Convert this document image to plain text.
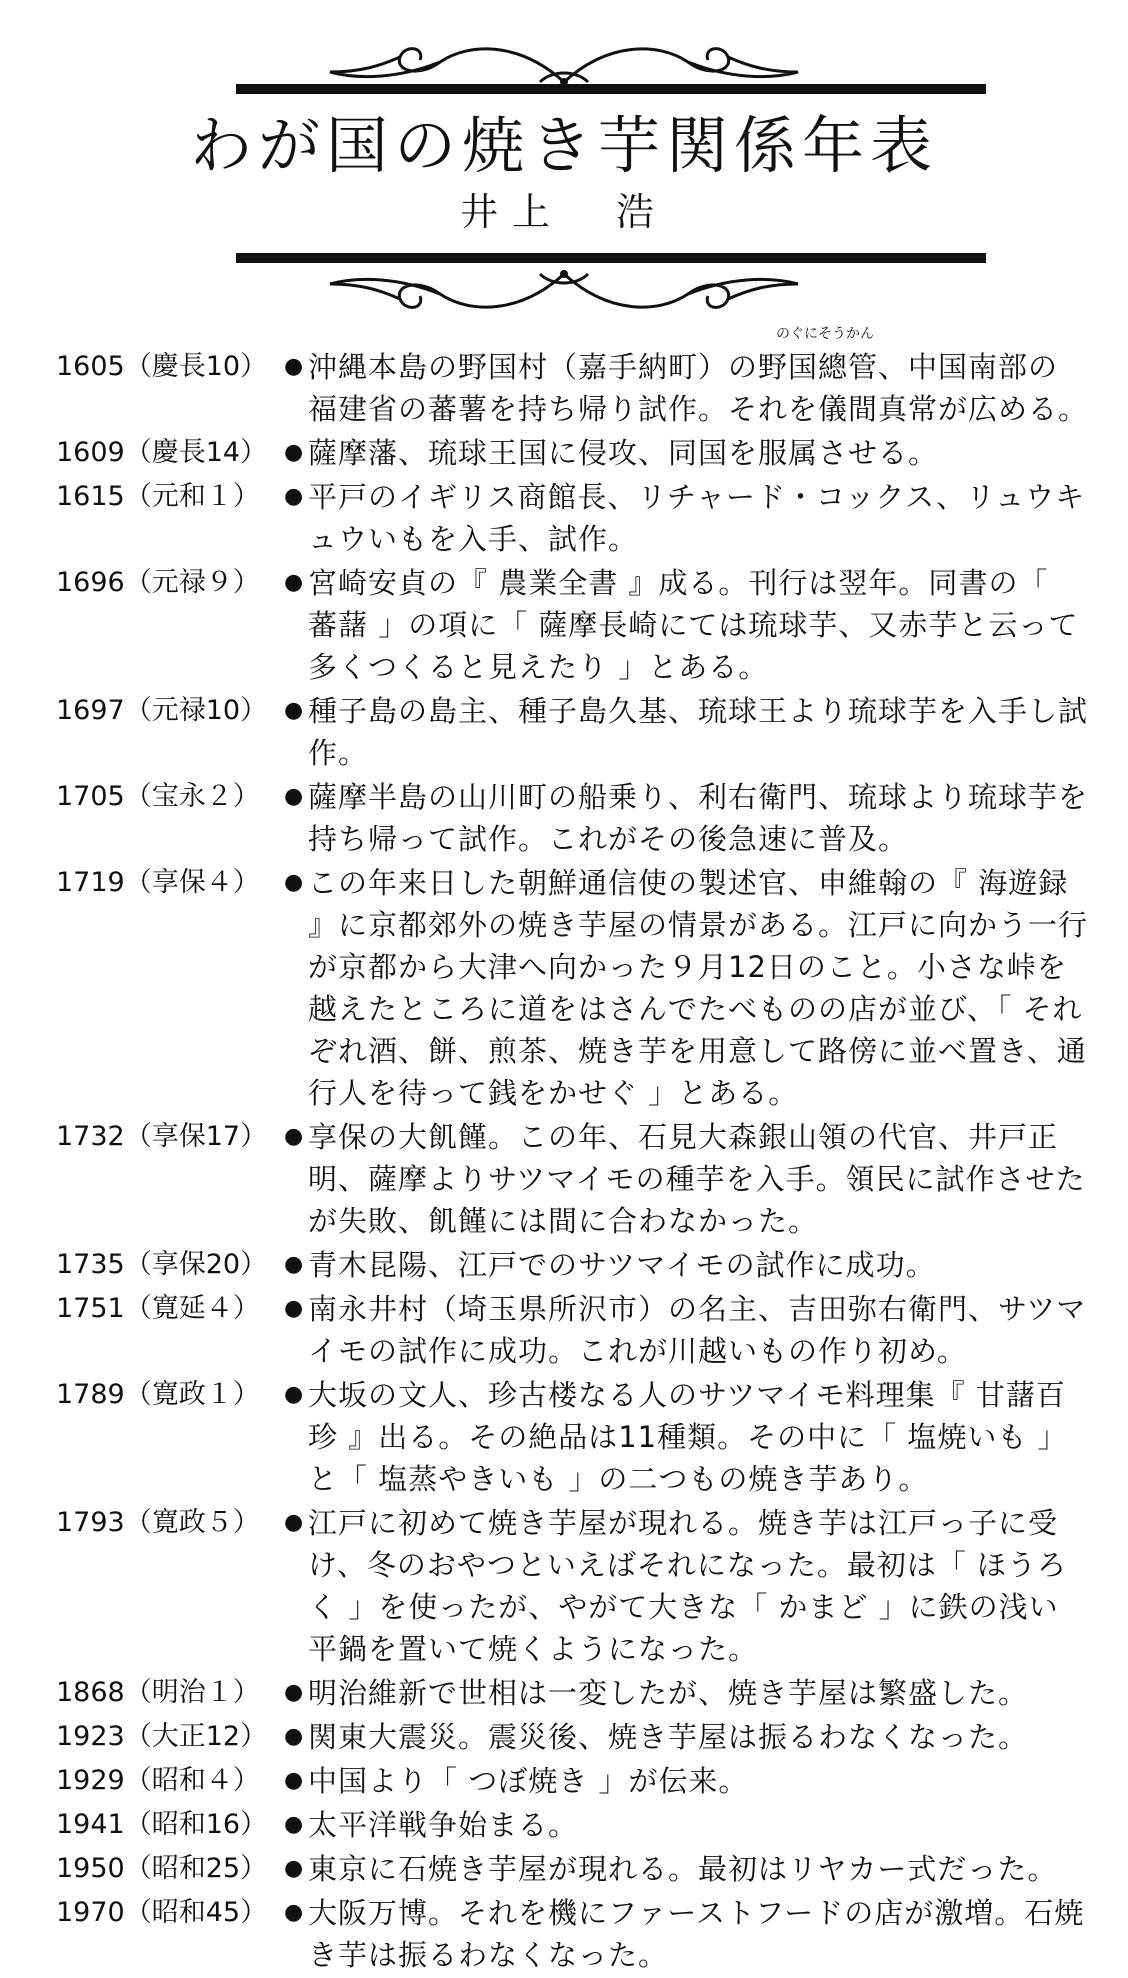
わが国の焼き芋関係年表
井上　浩
1605（慶長10） ● 沖縄本島の野国村（嘉手納町）の
のぐにそうかん
野国總管、中国南部の福建省の蕃薯を持ち帰り試作。それを儀間真常が広める。
1609（慶長14） ● 薩摩藩、琉球王国に侵攻、同国を服属させる。
1615（元和１）	● 平戸のイギリス商館長、リチャード・コックス、リュウキュウいもを入手、試作。
1696（元禄９）	● 宮崎安貞の『 農業全書 』成る。刊行は翌年。同書の「 蕃藷 」の項に「 薩摩長崎にては琉球芋、又赤芋と云って多くつくると見えたり 」とある。
1697（元禄10） ● 種子島の島主、種子島久基、琉球王より琉球芋を入手し試作。
1705（宝永２）	● 薩摩半島の山川町の船乗り、利右衛門、琉球より琉球芋を持ち帰って試作。これがその後急速に普及。
1719（享保４）	● この年来日した朝鮮通信使の製述官、申維翰の『 海遊録 』に京都郊外の焼き芋屋の情景がある。江戸に向かう一行が京都から大津へ向かった９月12日のこと。小さな峠を越えたところに道をはさんでたべものの店が並び、「 それぞれ酒、餅、煎茶、焼き芋を用意して路傍に並べ置き、通行人を待って銭をかせぐ 」とある。
1732（享保17） ● 享保の大飢饉。この年、石見大森銀山領の代官、井戸正明、薩摩よりサツマイモの種芋を入手。領民に試作させたが失敗、飢饉には間に合わなかった。
1735（享保20） ● 青木昆陽、江戸でのサツマイモの試作に成功。
1751（寛延４）	● 南永井村（埼玉県所沢市）の名主、吉田弥右衛門、サツマイモの試作に成功。これが川越いもの作り初め。
1789（寛政１）	● 大坂の文人、珍古楼なる人のサツマイモ料理集『 甘藷百珍 』出る。その絶品は11種類。その中に「 塩焼いも 」と「 塩蒸やきいも 」の二つもの焼き芋あり。
1793（寛政５）	● 江戸に初めて焼き芋屋が現れる。焼き芋は江戸っ子に受け、冬のおやつといえばそれになった。最初は「 ほうろく 」を使ったが、やがて大きな「 かまど 」に鉄の浅い平鍋を置いて焼くようになった。
1868（明治１）	● 明治維新で世相は一変したが、焼き芋屋は繁盛した。
1923（大正12） ● 関東大震災。震災後、焼き芋屋は振るわなくなった。
1929（昭和４）	● 中国より「 つぼ焼き 」が伝来。
1941（昭和16） ● 太平洋戦争始まる。
1950（昭和25） ● 東京に石焼き芋屋が現れる。最初はリヤカー式だった。
1970（昭和45） ● 大阪万博。それを機にファーストフードの店が激増。石焼き芋は振るわなくなった。
